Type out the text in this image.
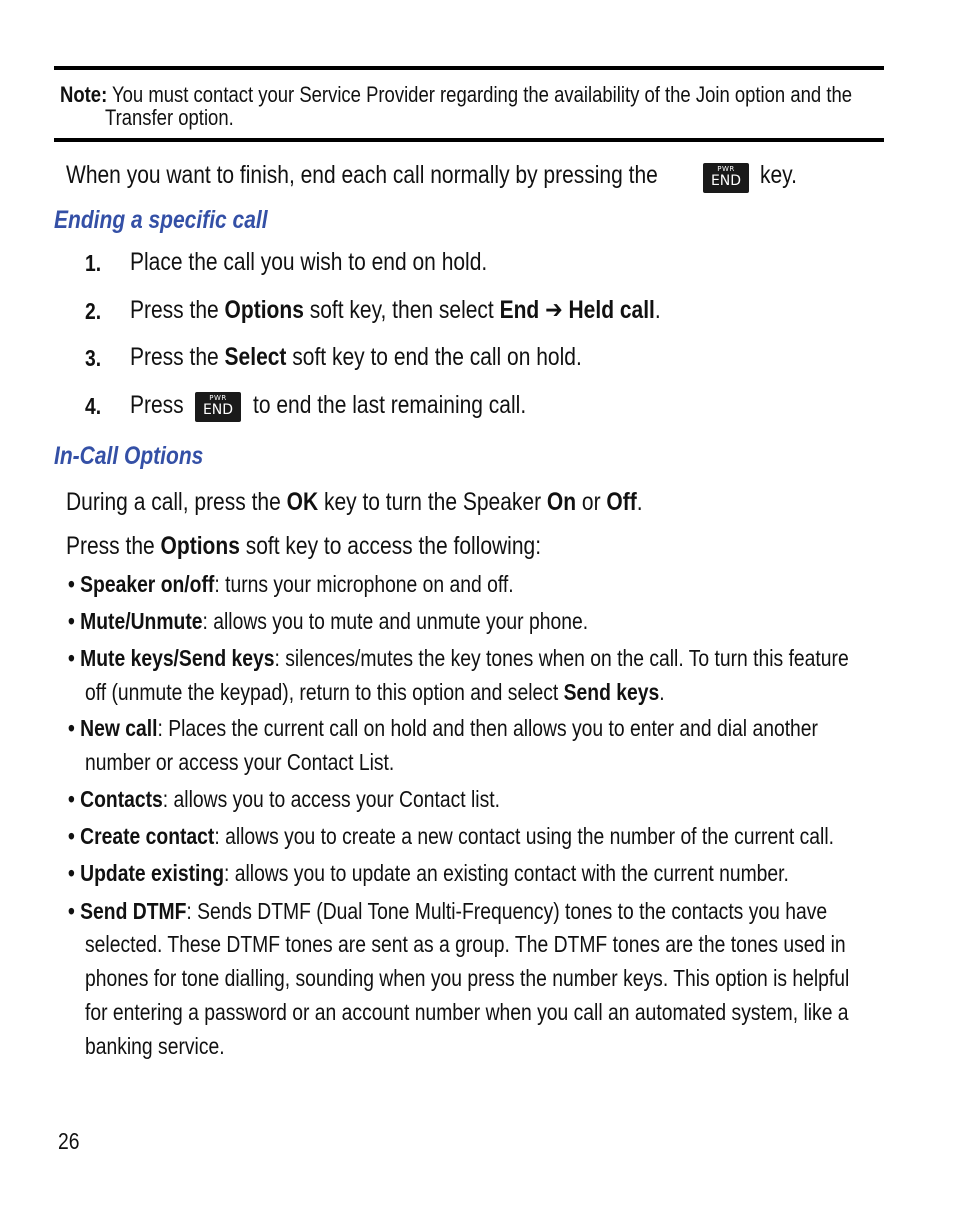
Note: You must contact your Service Provider regarding the availability of the Join option and the
Transfer option.
When you want to finish, end each call normally by pressing the	PWR
END key.
Ending a specific call
1. Place the call you wish to end on hold.
2. Press the Options soft key, then select End ➔ Held call.
3. Press the Select soft key to end the call on hold.
4. Press	PWR
END to end the last remaining call.
In-Call Options
During a call, press the OK key to turn the Speaker On or Off.
Press the Options soft key to access the following:
• Speaker on/off: turns your microphone on and off.
• Mute/Unmute: allows you to mute and unmute your phone.
• Mute keys/Send keys: silences/mutes the key tones when on the call. To turn this feature
off (unmute the keypad), return to this option and select Send keys.
• New call: Places the current call on hold and then allows you to enter and dial another
number or access your Contact List.
• Contacts: allows you to access your Contact list.
• Create contact: allows you to create a new contact using the number of the current call.
• Update existing: allows you to update an existing contact with the current number.
• Send DTMF: Sends DTMF (Dual Tone Multi-Frequency) tones to the contacts you have
selected. These DTMF tones are sent as a group. The DTMF tones are the tones used in
phones for tone dialling, sounding when you press the number keys. This option is helpful
for entering a password or an account number when you call an automated system, like a
banking service.
26
